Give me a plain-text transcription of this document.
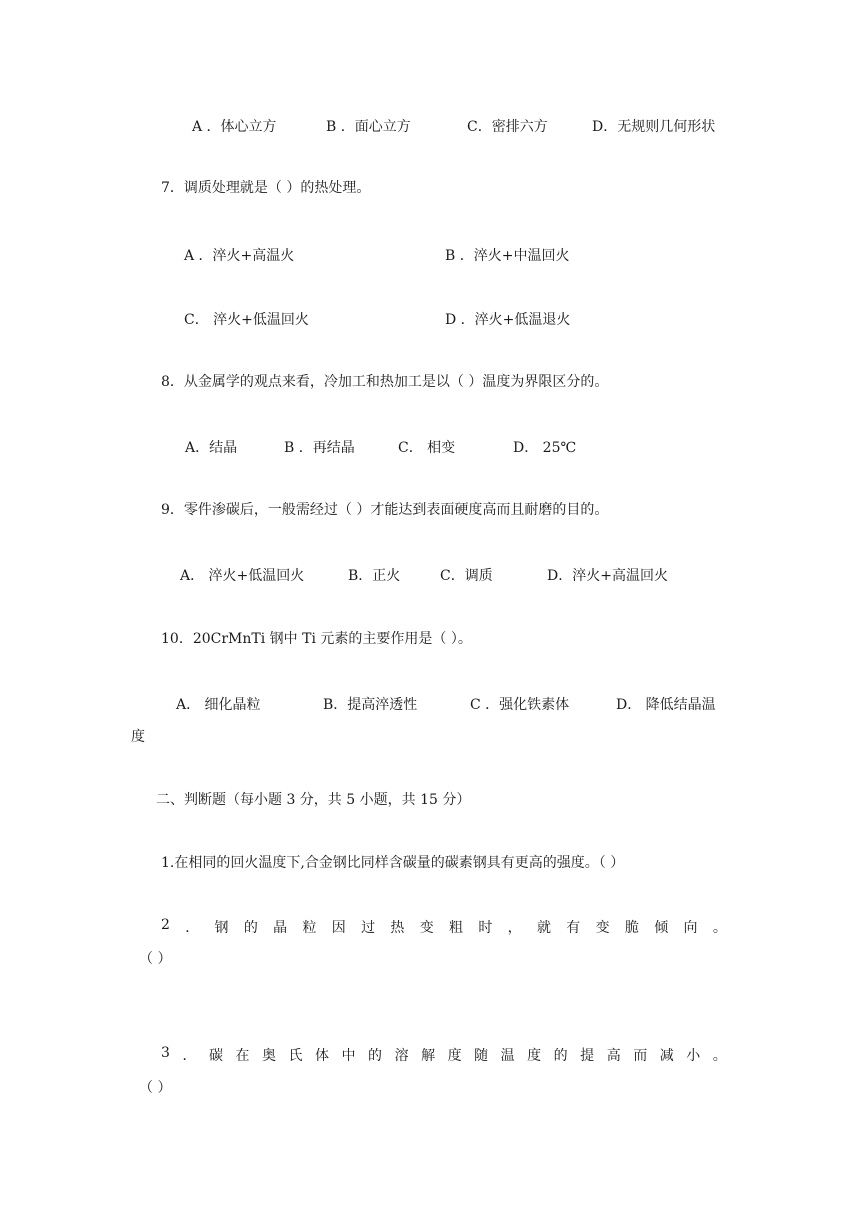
A ．体心立方	B ．面心立方	C．密排六方	D．无规则几何形状
7．调质处理就是（ ）的热处理。
A ．淬火+高温火	B ．淬火+中温回火
C． 淬火+低温回火	D ．淬火+低温退火
8．从金属学的观点来看，冷加工和热加工是以（ ）温度为界限区分的。
A．结晶	B ．再结晶	C． 相变	D． 25℃
9．零件渗碳后，一般需经过（ ）才能达到表面硬度高而且耐磨的目的。
A． 淬火+低温回火	B．正火	C．调质	D．淬火+高温回火
10．20CrMnTi 钢中 Ti 元素的主要作用是（ ）。
A． 细化晶粒	B．提高淬透性	C ．强化铁素体	D． 降低结晶温
度
二、判断题（每小题 3 分，共 5 小题，共 15 分）
1.在相同的回火温度下,合金钢比同样含碳量的碳素钢具有更高的强度。（ ）
2 ． 钢 的 晶 粒 因 过 热 变 粗 时 ， 就 有 变 脆 倾 向 。
（ ）
3 ． 碳 在 奥 氏 体 中 的 溶 解 度 随 温 度 的 提 高 而 减 小 。
（ ）
